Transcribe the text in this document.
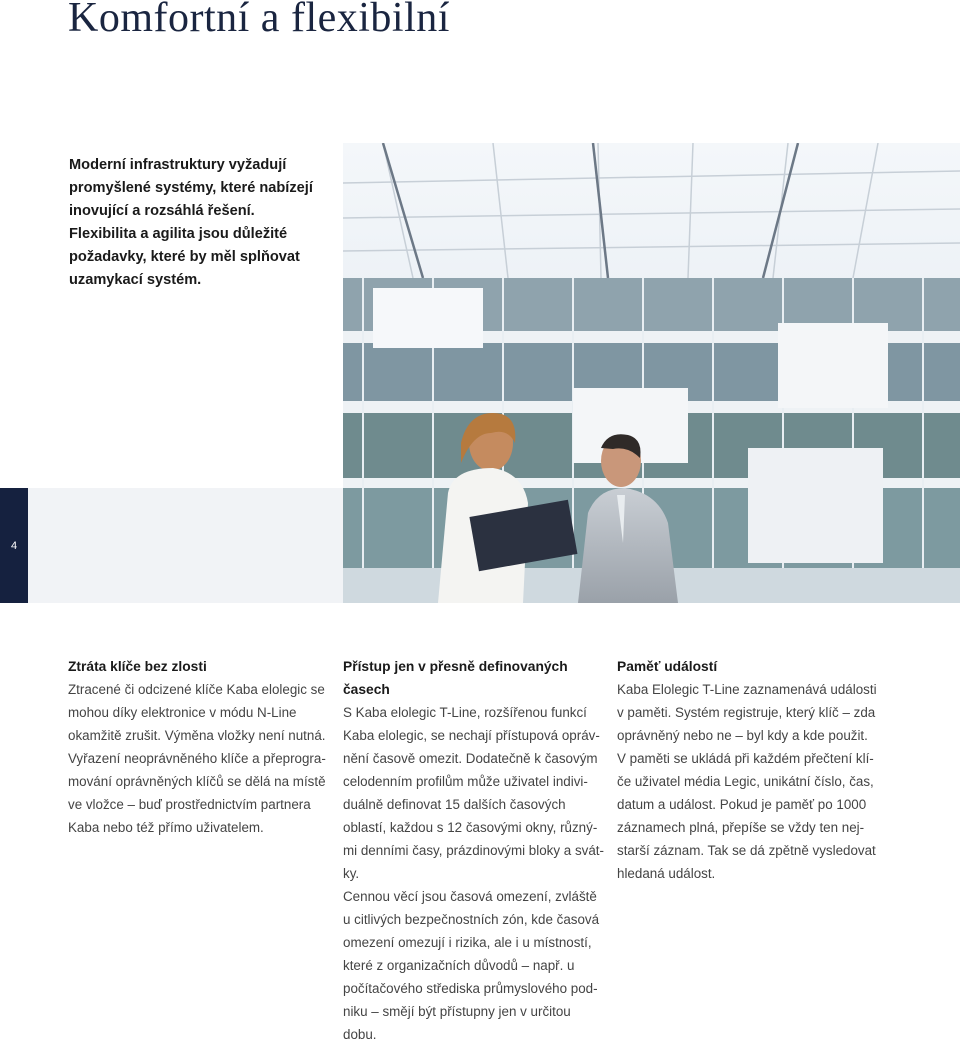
Komfortní a flexibilní
Moderní infrastruktury vyžadují
promyšlené systémy, které nabízejí
inovující a rozsáhlá řešení.
Flexibilita a agilita jsou důležité
požadavky, které by měl splňovat
uzamykací systém.
4
Ztráta klíče bez zlosti
Ztracené či odcizené klíče Kaba elolegic se
mohou díky elektronice v módu N-Line
okamžitě zrušit. Výměna vložky není nutná.
Vyřazení neoprávněného klíče a přeprogra-
mování oprávněných klíčů se dělá na místě
ve vložce – buď prostřednictvím partnera
Kaba nebo též přímo uživatelem.
Přístup jen v přesně definovaných
časech
S Kaba elolegic T-Line, rozšířenou funkcí
Kaba elolegic, se nechají přístupová opráv-
nění časově omezit. Dodatečně k časovým
celodenním profilům může uživatel indivi-
duálně definovat 15 dalších časových
oblastí, každou s 12 časovými okny, různý-
mi denními časy, prázdinovými bloky a svát-
ky.
Cennou věcí jsou časová omezení, zvláště
u citlivých bezpečnostních zón, kde časová
omezení omezují i rizika, ale i u místností,
které z organizačních důvodů – např. u
počítačového střediska průmyslového pod-
niku – smějí být přístupny jen v určitou
dobu.
Paměť událostí
Kaba Elolegic T-Line zaznamenává události
v paměti. Systém registruje, který klíč – zda
oprávněný nebo ne – byl kdy a kde použit.
V paměti se ukládá při každém přečtení klí-
če uživatel média Legic, unikátní číslo, čas,
datum a událost. Pokud je paměť po 1000
záznamech plná, přepíše se vždy ten nej-
starší záznam. Tak se dá zpětně vysledovat
hledaná událost.
